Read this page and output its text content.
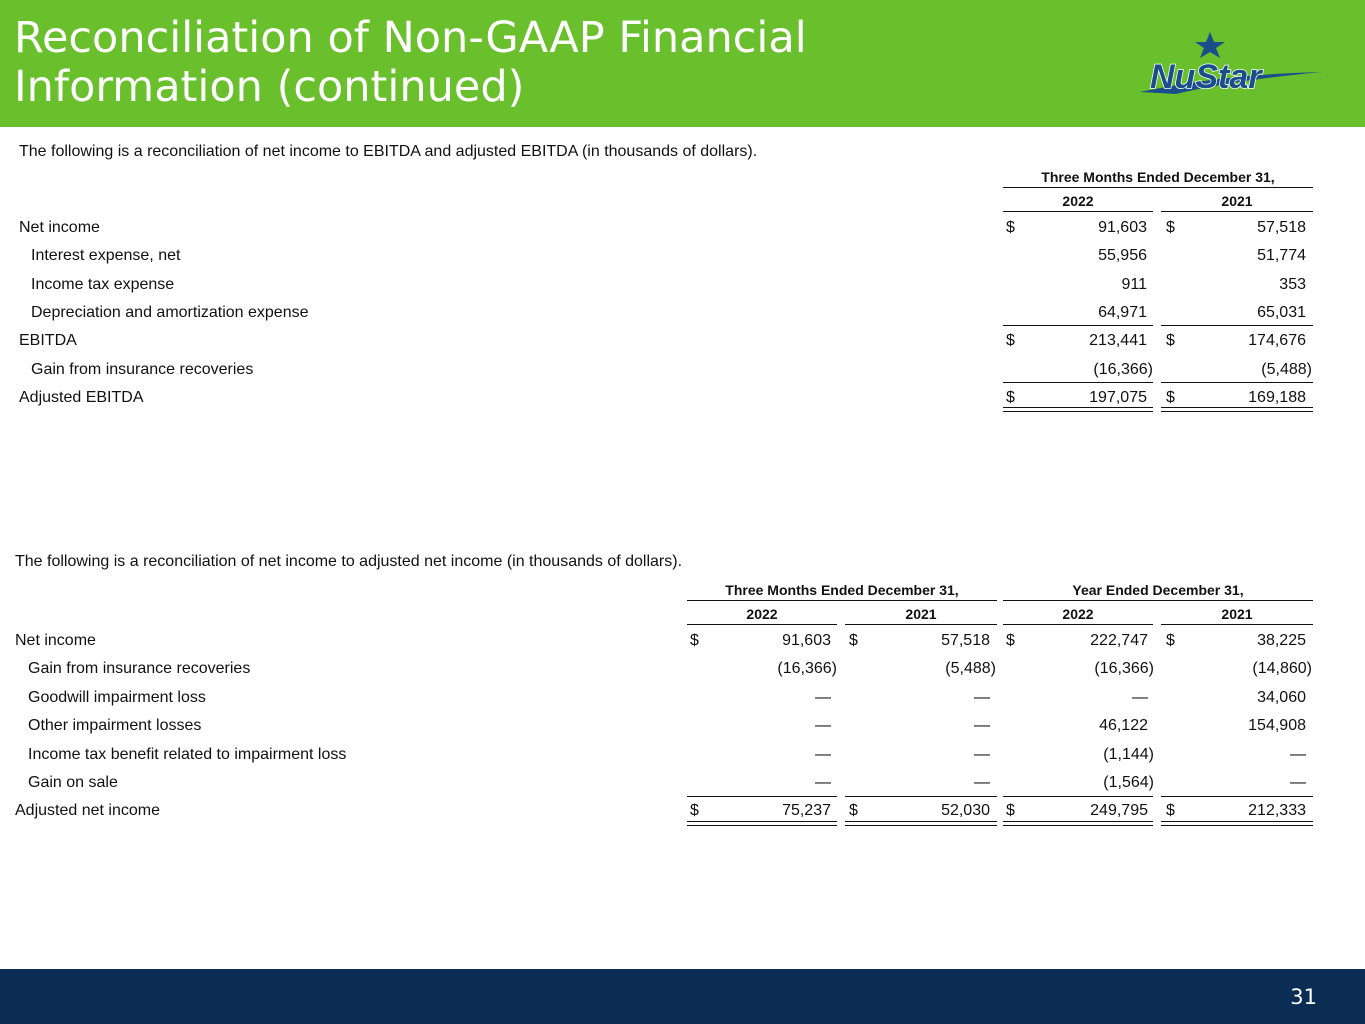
Reconciliation of Non-GAAP Financial
Information (continued)	NuStar
The following is a reconciliation of net income to EBITDA and adjusted EBITDA (in thousands of dollars).
Three Months Ended December 31,
2022	2021
Net income	$	91,603 $	57,518
Interest expense, net	55,956	51,774
Income tax expense	911	353
Depreciation and amortization expense	64,971	65,031
EBITDA	$	213,441 $	174,676
Gain from insurance recoveries	(16,366)	(5,488)
Adjusted EBITDA	$	197,075 $	169,188
The following is a reconciliation of net income to adjusted net income (in thousands of dollars).
Three Months Ended December 31,	Year Ended December 31,
2022	2021	2022	2021
Net income	$	91,603 $	57,518 $	222,747 $	38,225
Gain from insurance recoveries	(16,366)	(5,488)	(16,366)	(14,860)
Goodwill impairment loss	—	—	—	34,060
Other impairment losses	—	—	46,122	154,908
Income tax benefit related to impairment loss	—	—	(1,144)	—
Gain on sale	—	—	(1,564)	—
Adjusted net income	$	75,237 $	52,030 $	249,795 $	212,333
31
